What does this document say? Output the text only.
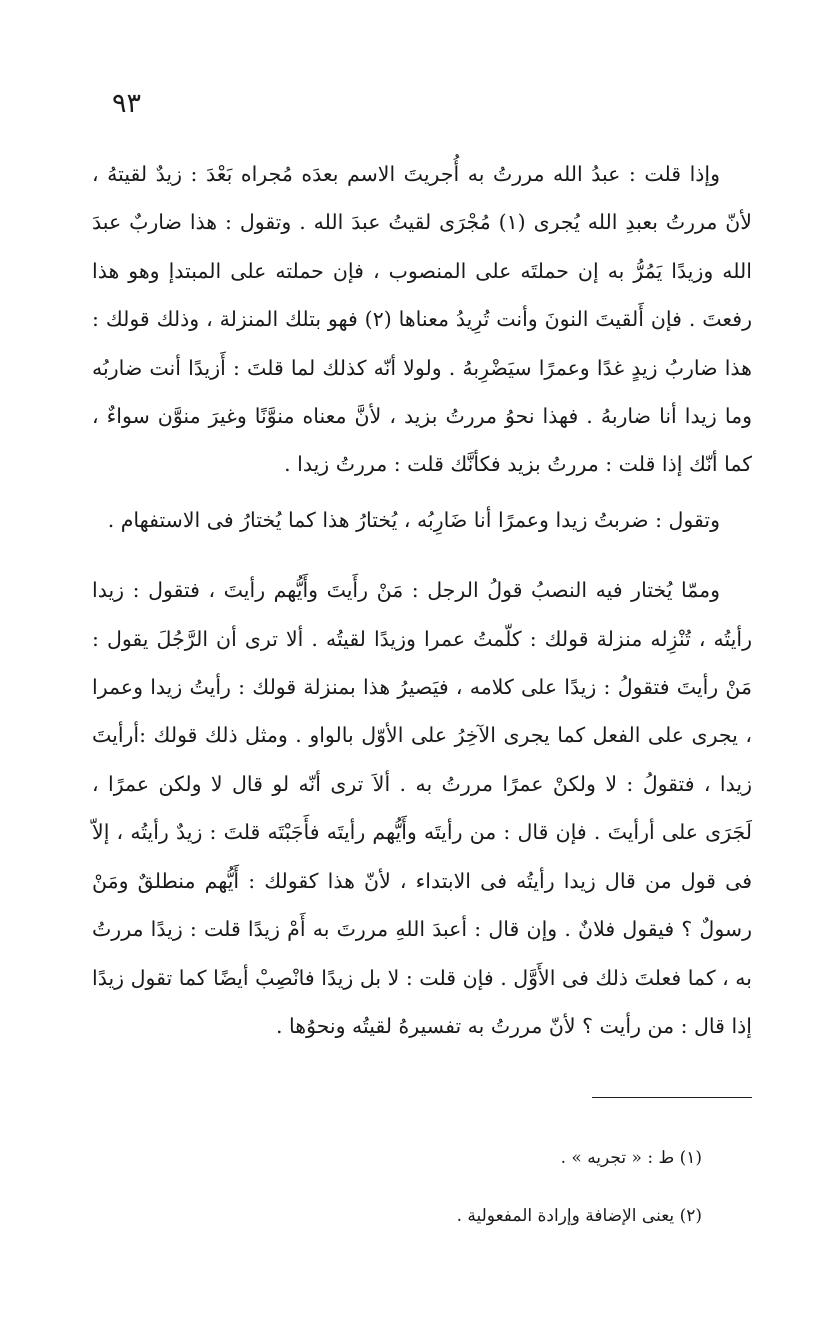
٩٣

وإذا قلت : عبدُ الله مررتُ به أُجريتَ الاسم بعدَه مُجراه بَعْدَ : زيدٌ لقيتهُ ، لأنّ مررتُ بعبدِ الله يُجرى (١) مُجْرَى لقيتُ عبدَ الله . وتقول : هذا ضاربٌ عبدَ الله وزيدًا يَمُرُّ به إن حملتَه على المنصوب ، فإن حملته على المبتدإ وهو هذا رفعتَ . فإن أَلقيتَ النونَ وأنت تُرِيدُ معناها (٢) فهو بتلك المنزلة ، وذلك قولك : هذا ضاربُ زيدٍ غدًا وعمرًا سيَضْرِبهُ . ولولا أنّه كذلك لما قلتَ : أَزيدًا أنت ضاربُه وما زيدا أنا ضاربهُ . فهذا نحوُ مررتُ بزيد ، لأنَّ معناه منوَّنًا وغيرَ منوَّن سواءٌ ، كما أنّك إذا قلت : مررتُ بزيد فكأنَّك قلت : مررتُ زيدا .

وتقول : ضربتُ زيدا وعمرًا أنا ضَارِبُه ، يُختارُ هذا كما يُختارُ فى الاستفهام .

وممّا يُختار فيه النصبُ قولُ الرجل : مَنْ رأَيتَ وأَيُّهم رأيتَ ، فتقول : زيدا رأيتُه ، تُنْزِله منزلة قولك : كلّمتُ عمرا وزيدًا لقيتُه . ألا ترى أن الرَّجُلَ يقول : مَنْ رأيتَ فتقولُ : زيدًا على كلامه ، فيَصيرُ هذا بمنزلة قولك : رأيتُ زيدا وعمرا ، يجرى على الفعل كما يجرى الآخِرُ على الأوّل بالواو . ومثل ذلك قولك :أرأيتَ زيدا ، فتقولُ : لا ولكنْ عمرًا مررتُ به . ألاَ ترى أنّه لو قال لا ولكن عمرًا ، لَجَرَى على أرأيتَ . فإن قال : من رأيتَه وأَيُّهم رأيتَه فأَجَبْتَه قلتَ : زيدٌ رأيتُه ، إلاّ فى قول من قال زيدا رأيتُه فى الابتداء ، لأنّ هذا كقولك : أَيُّهم منطلقٌ ومَنْ رسولٌ ؟ فيقول فلانٌ . وإن قال : أعبدَ اللهِ مررتَ به أَمْ زيدًا قلت : زيدًا مررتُ به ، كما فعلتَ ذلك فى الأَوَّل . فإن قلت : لا بل زيدًا فانْصِبْ أيضًا كما تقول زيدًا إذا قال : من رأيت ؟ لأنّ مررتُ به تفسيرهُ لقيتُه ونحوُها .

(١) ط : « تجريه » .

(٢) يعنى الإضافة وإرادة المفعولية .
